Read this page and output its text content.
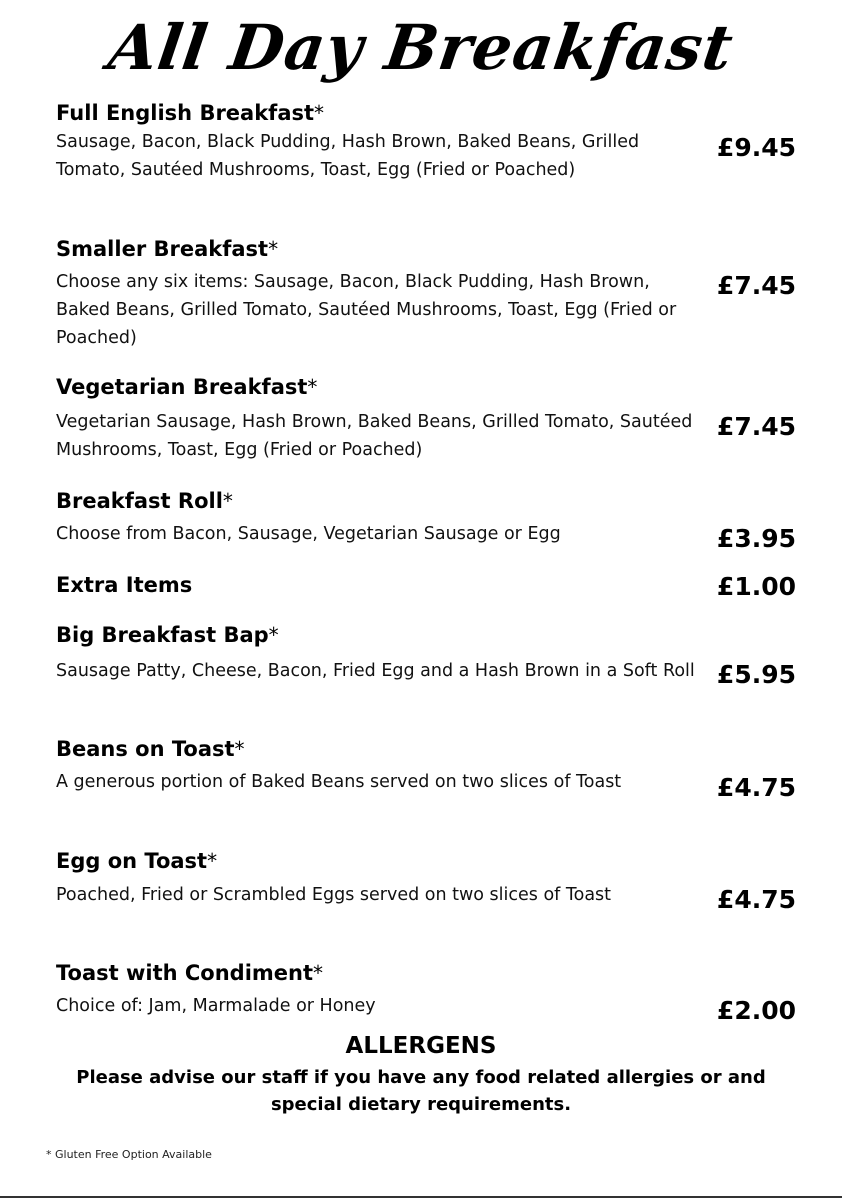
All Day Breakfast
Full English Breakfast*
Sausage, Bacon, Black Pudding, Hash Brown, Baked Beans, Grilled Tomato, Sautéed Mushrooms, Toast, Egg (Fried or Poached)
£9.45
Smaller Breakfast*
Choose any six items: Sausage, Bacon, Black Pudding, Hash Brown, Baked Beans, Grilled Tomato, Sautéed Mushrooms, Toast, Egg (Fried or Poached)
£7.45
Vegetarian Breakfast*
Vegetarian Sausage, Hash Brown, Baked Beans, Grilled Tomato, Sautéed Mushrooms, Toast, Egg (Fried or Poached)
£7.45
Breakfast Roll*
Choose from Bacon, Sausage, Vegetarian Sausage or Egg	£3.95
Extra Items	£1.00
Big Breakfast Bap*
Sausage Patty, Cheese, Bacon, Fried Egg and a Hash Brown in a Soft Roll £5.95
Beans on Toast*
A generous portion of Baked Beans served on two slices of Toast	£4.75
Egg on Toast*
Poached, Fried or Scrambled Eggs served on two slices of Toast	£4.75
Toast with Condiment*
Choice of: Jam, Marmalade or Honey	£2.00
ALLERGENS
Please advise our staff if you have any food related allergies or and special dietary requirements.
* Gluten Free Option Available
